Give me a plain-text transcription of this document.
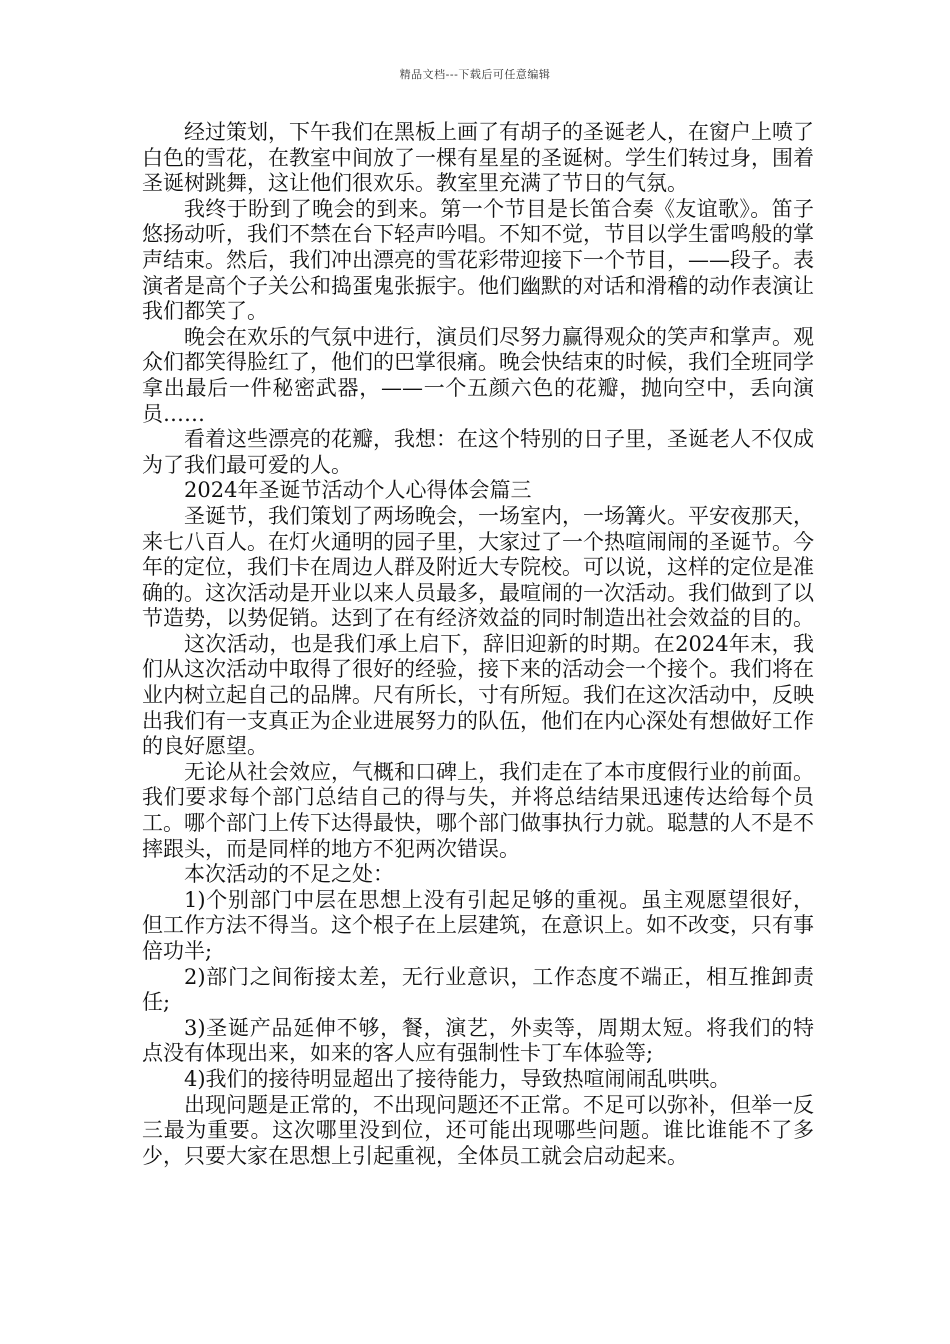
精品文档---下载后可任意编辑

经过策划，下午我们在黑板上画了有胡子的圣诞老人，在窗户上喷了白色的雪花，在教室中间放了一棵有星星的圣诞树。学生们转过身，围着圣诞树跳舞，这让他们很欢乐。教室里充满了节日的气氛。

我终于盼到了晚会的到来。第一个节目是长笛合奏《友谊歌》。笛子悠扬动听，我们不禁在台下轻声吟唱。不知不觉，节目以学生雷鸣般的掌声结束。然后，我们冲出漂亮的雪花彩带迎接下一个节目，——段子。表演者是高个子关公和捣蛋鬼张振宇。他们幽默的对话和滑稽的动作表演让我们都笑了。

晚会在欢乐的气氛中进行，演员们尽努力赢得观众的笑声和掌声。观众们都笑得脸红了，他们的巴掌很痛。晚会快结束的时候，我们全班同学拿出最后一件秘密武器，——一个五颜六色的花瓣，抛向空中，丢向演员……

看着这些漂亮的花瓣，我想：在这个特别的日子里，圣诞老人不仅成为了我们最可爱的人。

2024年圣诞节活动个人心得体会篇三

圣诞节，我们策划了两场晚会，一场室内，一场篝火。平安夜那天，来七八百人。在灯火通明的园子里，大家过了一个热喧闹闹的圣诞节。今年的定位，我们卡在周边人群及附近大专院校。可以说，这样的定位是准确的。这次活动是开业以来人员最多，最喧闹的一次活动。我们做到了以节造势，以势促销。达到了在有经济效益的同时制造出社会效益的目的。

这次活动，也是我们承上启下，辞旧迎新的时期。在2024年末，我们从这次活动中取得了很好的经验，接下来的活动会一个接个。我们将在业内树立起自己的品牌。尺有所长，寸有所短。我们在这次活动中，反映出我们有一支真正为企业进展努力的队伍，他们在内心深处有想做好工作的良好愿望。

无论从社会效应，气概和口碑上，我们走在了本市度假行业的前面。我们要求每个部门总结自己的得与失，并将总结结果迅速传达给每个员工。哪个部门上传下达得最快，哪个部门做事执行力就。聪慧的人不是不摔跟头，而是同样的地方不犯两次错误。

本次活动的不足之处：

1)个别部门中层在思想上没有引起足够的重视。虽主观愿望很好，但工作方法不得当。这个根子在上层建筑，在意识上。如不改变，只有事倍功半;

2)部门之间衔接太差，无行业意识，工作态度不端正，相互推卸责任;

3)圣诞产品延伸不够，餐，演艺，外卖等，周期太短。将我们的特点没有体现出来，如来的客人应有强制性卡丁车体验等;

4)我们的接待明显超出了接待能力，导致热喧闹闹乱哄哄。

出现问题是正常的，不出现问题还不正常。不足可以弥补，但举一反三最为重要。这次哪里没到位，还可能出现哪些问题。谁比谁能不了多少，只要大家在思想上引起重视，全体员工就会启动起来。
